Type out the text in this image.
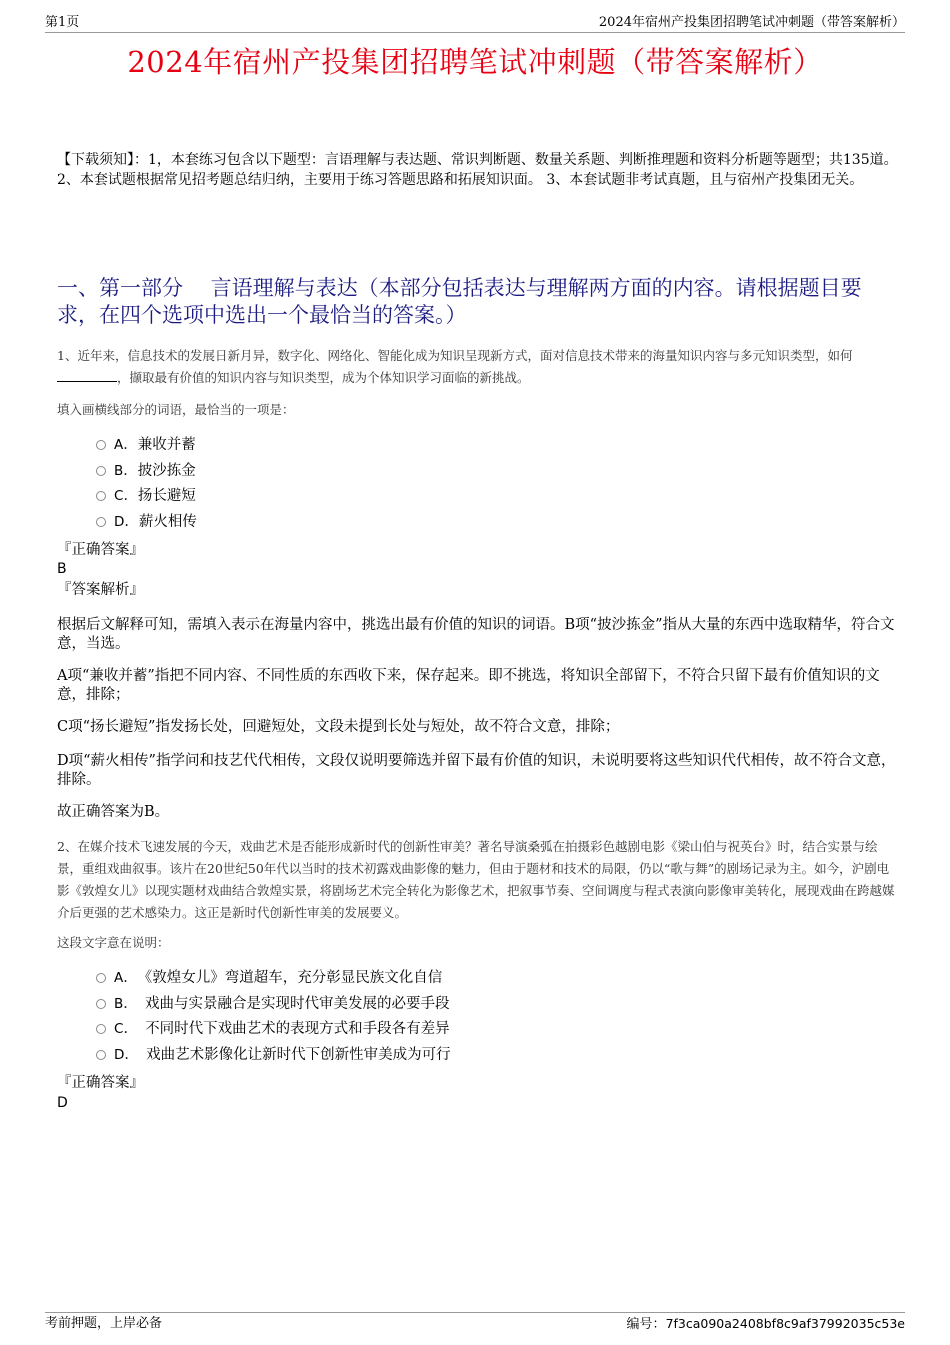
第1页	2024年宿州产投集团招聘笔试冲刺题（带答案解析）
2024年宿州产投集团招聘笔试冲刺题（带答案解析）
【下载须知】：1，本套练习包含以下题型：言语理解与表达题、常识判断题、数量关系题、判断推理题和资料分析题等题型；共135道。 2、本套试题根据常见招考题总结归纳，主要用于练习答题思路和拓展知识面。 3、本套试题非考试真题，且与宿州产投集团无关。
一、第一部分　 言语理解与表达（本部分包括表达与理解两方面的内容。请根据题目要求，在四个选项中选出一个最恰当的答案。）
1、近年来，信息技术的发展日新月异，数字化、网络化、智能化成为知识呈现新方式，面对信息技术带来的海量知识内容与多元知识类型，如何，撷取最有价值的知识内容与知识类型，成为个体知识学习面临的新挑战。
填入画横线部分的词语，最恰当的一项是：
A．兼收并蓄
B．披沙拣金
C．扬长避短
D．薪火相传
『正确答案』
B
『答案解析』
根据后文解释可知，需填入表示在海量内容中，挑选出最有价值的知识的词语。B项“披沙拣金”指从大量的东西中选取精华，符合文意，当选。
A项“兼收并蓄”指把不同内容、不同性质的东西收下来，保存起来。即不挑选，将知识全部留下，不符合只留下最有价值知识的文意，排除；
C项“扬长避短”指发扬长处，回避短处，文段未提到长处与短处，故不符合文意，排除；
D项“薪火相传”指学问和技艺代代相传，文段仅说明要筛选并留下最有价值的知识，未说明要将这些知识代代相传，故不符合文意，排除。
故正确答案为B。
2、在媒介技术飞速发展的今天，戏曲艺术是否能形成新时代的创新性审美？著名导演桑弧在拍摄彩色越剧电影《梁山伯与祝英台》时，结合实景与绘景，重组戏曲叙事。该片在20世纪50年代以当时的技术初露戏曲影像的魅力，但由于题材和技术的局限，仍以“歌与舞”的剧场记录为主。如今，沪剧电影《敦煌女儿》以现实题材戏曲结合敦煌实景，将剧场艺术完全转化为影像艺术，把叙事节奏、空间调度与程式表演向影像审美转化，展现戏曲在跨越媒介后更强的艺术感染力。这正是新时代创新性审美的发展要义。
这段文字意在说明：
A．　《敦煌女儿》弯道超车，充分彰显民族文化自信
B．　戏曲与实景融合是实现时代审美发展的必要手段
C．　不同时代下戏曲艺术的表现方式和手段各有差异
D．　戏曲艺术影像化让新时代下创新性审美成为可行
『正确答案』
D
考前押题，上岸必备	编号：7f3ca090a2408bf8c9af37992035c53e
